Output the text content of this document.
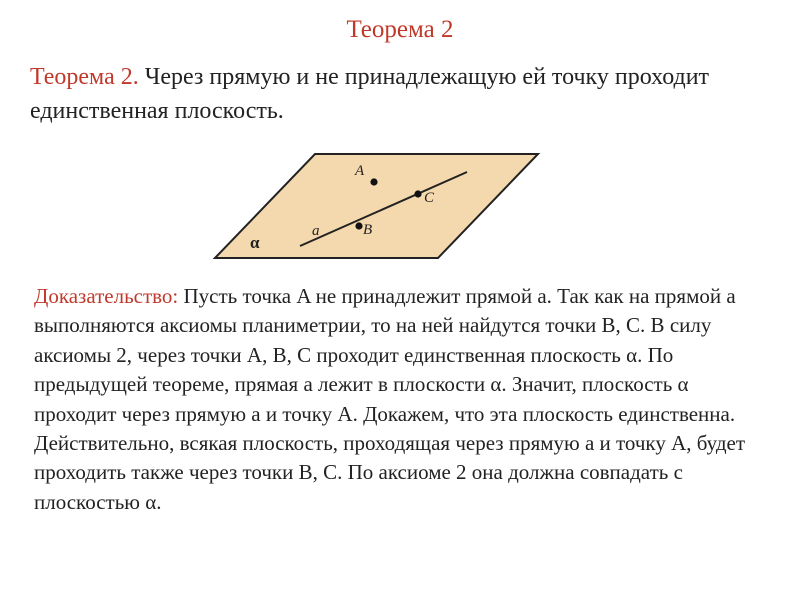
Теорема 2
Теорема 2. Через прямую и не принадлежащую ей точку проходит единственная плоскость.
A
B
C
a
α

Доказательство: Пусть точка A не принадлежит прямой a. Так как на прямой a выполняются аксиомы планиметрии, то на ней найдутся точки B, C. В силу аксиомы 2, через точки A, B, C проходит единственная плоскость α. По предыдущей теореме, прямая a лежит в плоскости α. Значит, плоскость α проходит через прямую a и точку A. Докажем, что эта плоскость единственна. Действительно, всякая плоскость, проходящая через прямую a и точку A, будет проходить также через точки B, C. По аксиоме 2 она должна совпадать с плоскостью α.
